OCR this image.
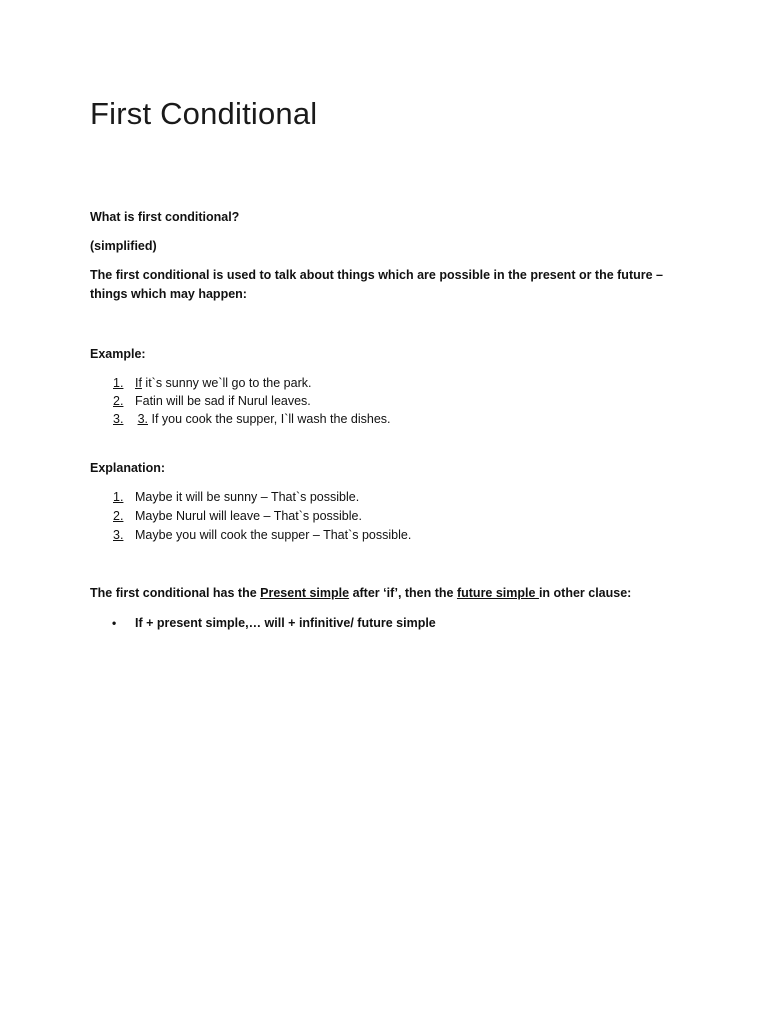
First Conditional
What is first conditional?
(simplified)
The first conditional is used to talk about things which are possible in the present or the future – things which may happen:
Example:
1. If it`s sunny we`ll go to the park.
2. Fatin will be sad if Nurul leaves.
3. 3. If you cook the supper, I`ll wash the dishes.
Explanation:
1. Maybe it will be sunny – That`s possible.
2. Maybe Nurul will leave – That`s possible.
3. Maybe you will cook the supper – That`s possible.
The first conditional has the Present simple after ‘if’, then the future simple in other clause:
• If + present simple,… will + infinitive/ future simple
